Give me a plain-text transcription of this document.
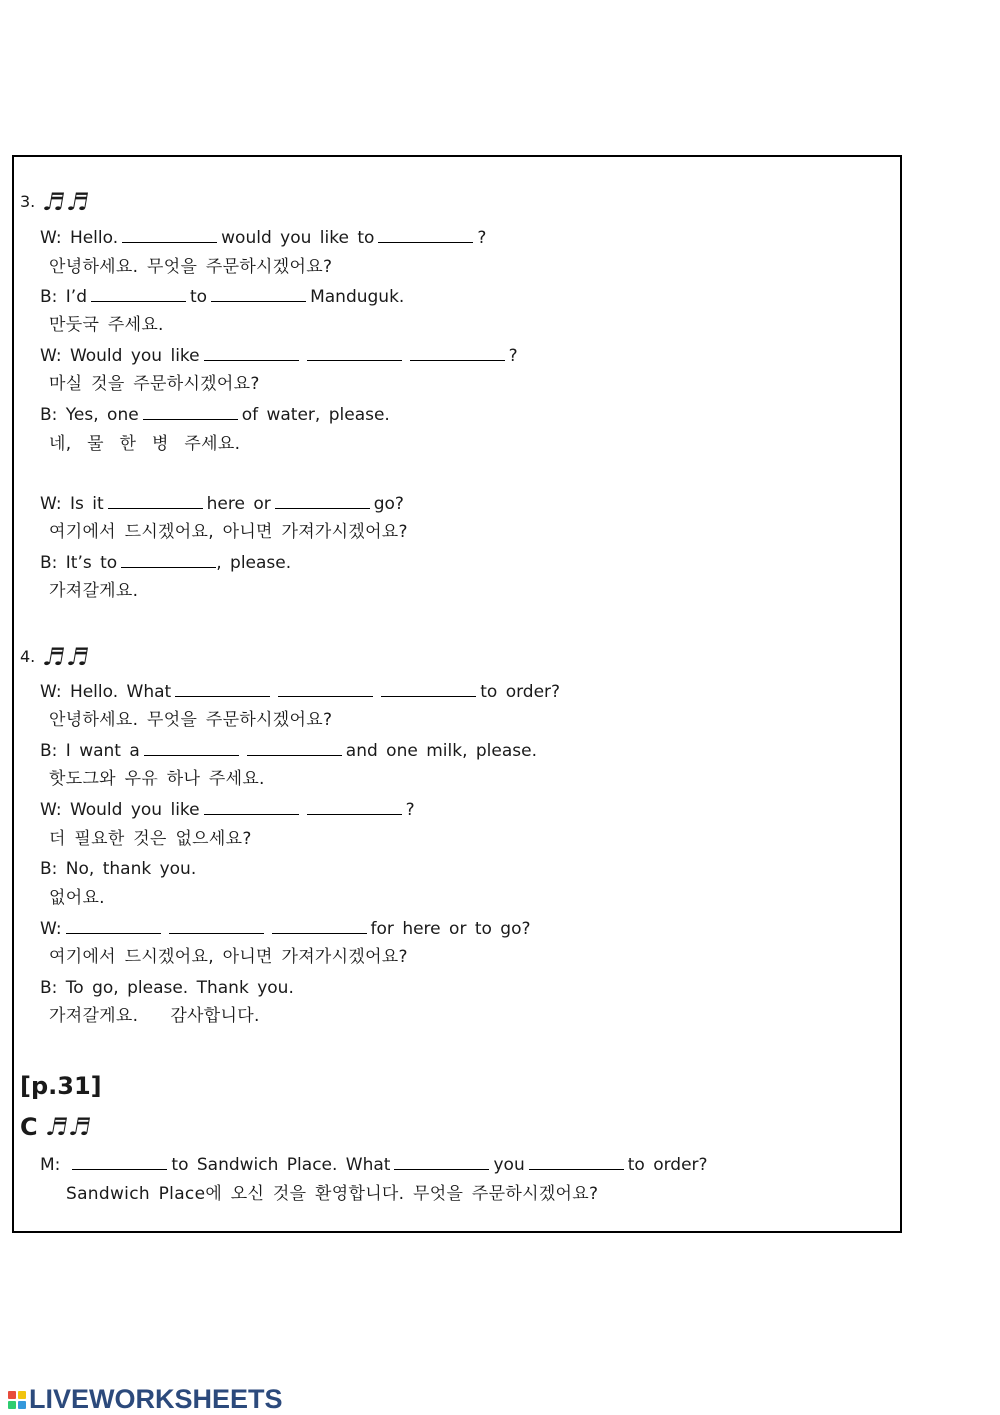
3. ♬
♬
W: Hello.	would you like to	?
안녕하세요. 무엇을 주문하시겠어요?
B: I’d	to	Manduguk.
만둣국 주세요.
W: Would you like	?
마실 것을 주문하시겠어요?
B: Yes, one	of water, please.
네, 물 한 병 주세요.
W: Is it	here or	go?
여기에서 드시겠어요, 아니면 가져가시겠어요?
B: It’s to	, please.
가져갈게요.
4. ♬
♬
W: Hello. What	to order?
안녕하세요. 무엇을 주문하시겠어요?
B: I want a	and one milk, please.
핫도그와 우유 하나 주세요.
W: Would you like	?
더 필요한 것은 없으세요?
B: No, thank you.
없어요.
W:	for here or to go?
여기에서 드시겠어요, 아니면 가져가시겠어요?
B: To go, please. Thank you.
가져갈게요. 감사합니다.
[p.31]
C ♬
♬
M:	to Sandwich Place. What	you	to order?
Sandwich Place에 오신 것을 환영합니다. 무엇을 주문하시겠어요?
LIVEWORKSHEETS
